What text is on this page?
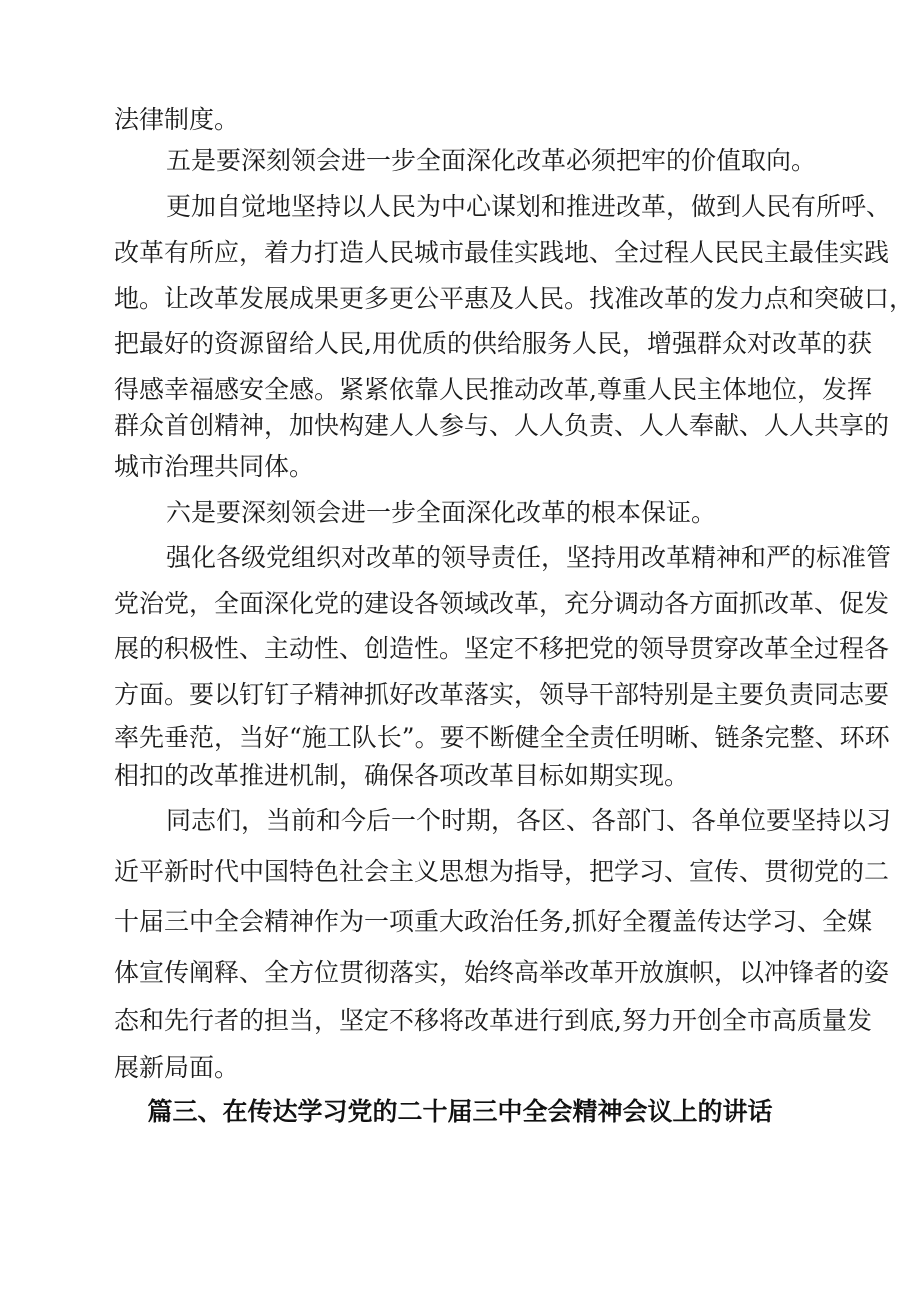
法律制度。
五是要深刻领会进一步全面深化改革必须把牢的价值取向。
更加自觉地坚持以人民为中心谋划和推进改革，做到人民有所呼、
改革有所应，着力打造人民城市最佳实践地、全过程人民民主最佳实践
地。让改革发展成果更多更公平惠及人民。找准改革的发力点和突破口，
把最好的资源留给人民,用优质的供给服务人民，增强群众对改革的获
得感幸福感安全感。紧紧依靠人民推动改革,尊重人民主体地位，发挥
群众首创精神，加快构建人人参与、人人负责、人人奉献、人人共享的
城市治理共同体。
六是要深刻领会进一步全面深化改革的根本保证。
强化各级党组织对改革的领导责任，坚持用改革精神和严的标准管
党治党，全面深化党的建设各领域改革，充分调动各方面抓改革、促发
展的积极性、主动性、创造性。坚定不移把党的领导贯穿改革全过程各
方面。要以钉钉子精神抓好改革落实，领导干部特别是主要负责同志要
率先垂范，当好“施工队长”。要不断健全全责任明晰、链条完整、环环
相扣的改革推进机制，确保各项改革目标如期实现。
同志们，当前和今后一个时期，各区、各部门、各单位要坚持以习
近平新时代中国特色社会主义思想为指导，把学习、宣传、贯彻党的二
十届三中全会精神作为一项重大政治任务,抓好全覆盖传达学习、全媒
体宣传阐释、全方位贯彻落实，始终高举改革开放旗帜，以冲锋者的姿
态和先行者的担当，坚定不移将改革进行到底,努力开创全市高质量发
展新局面。
篇三、在传达学习党的二十届三中全会精神会议上的讲话
